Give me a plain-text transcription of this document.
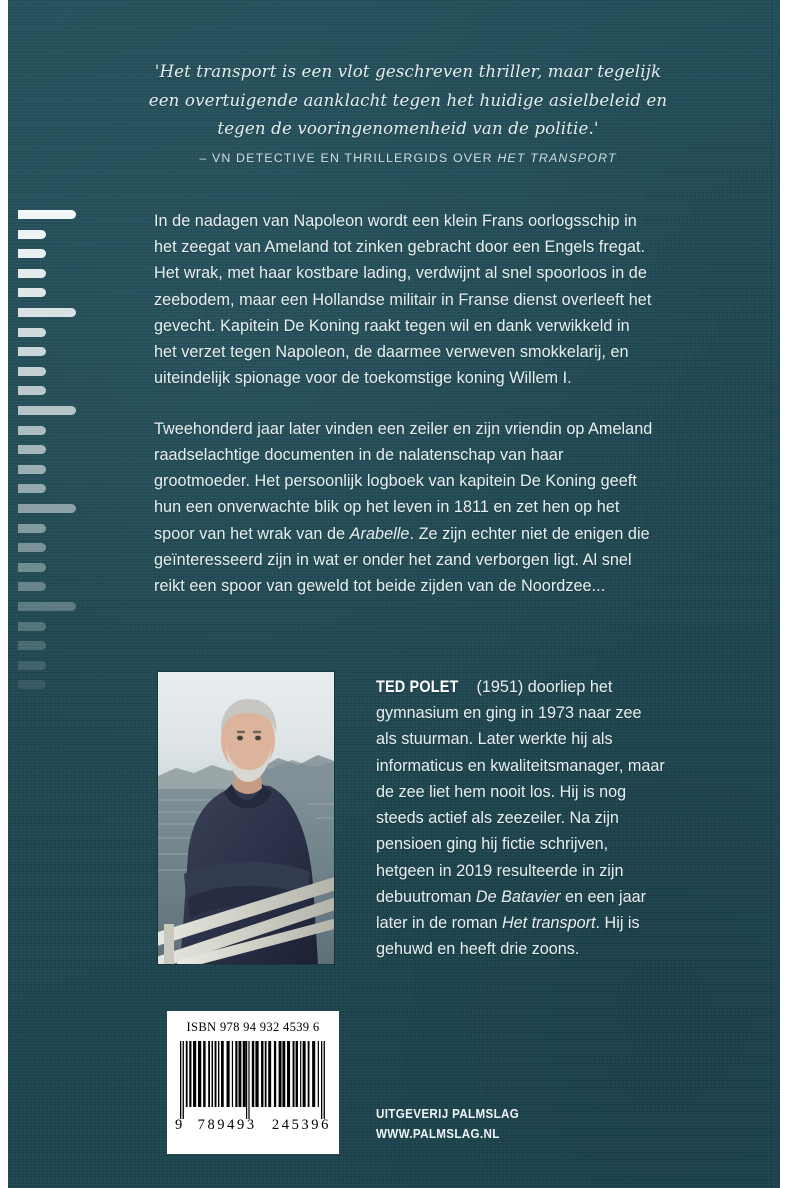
'Het transport is een vlot geschreven thriller, maar tegelijk een overtuigende aanklacht tegen het huidige asielbeleid en tegen de vooringenomenheid van de politie.'

– VN DETECTIVE EN THRILLERGIDS OVER HET TRANSPORT

In de nadagen van Napoleon wordt een klein Frans oorlogsschip in het zeegat van Ameland tot zinken gebracht door een Engels fregat. Het wrak, met haar kostbare lading, verdwijnt al snel spoorloos in de zeebodem, maar een Hollandse militair in Franse dienst overleeft het gevecht. Kapitein De Koning raakt tegen wil en dank verwikkeld in het verzet tegen Napoleon, de daarmee verweven smokkelarij, en uiteindelijk spionage voor de toekomstige koning Willem I.

Tweehonderd jaar later vinden een zeiler en zijn vriendin op Ameland raadselachtige documenten in de nalatenschap van haar grootmoeder. Het persoonlijk logboek van kapitein De Koning geeft hun een onverwachte blik op het leven in 1811 en zet hen op het spoor van het wrak van de Arabelle. Ze zijn echter niet de enigen die geïnteresseerd zijn in wat er onder het zand verborgen ligt. Al snel reikt een spoor van geweld tot beide zijden van de Noordzee...

TED POLET (1951) doorliep het gymnasium en ging in 1973 naar zee als stuurman. Later werkte hij als informaticus en kwaliteitsmanager, maar de zee liet hem nooit los. Hij is nog steeds actief als zeezeiler. Na zijn pensioen ging hij fictie schrijven, hetgeen in 2019 resulteerde in zijn debuutroman De Batavier en een jaar later in de roman Het transport. Hij is gehuwd en heeft drie zoons.

ISBN 978 94 932 4539 6
9 789493 245396
UITGEVERIJ PALMSLAG
WWW.PALMSLAG.NL
